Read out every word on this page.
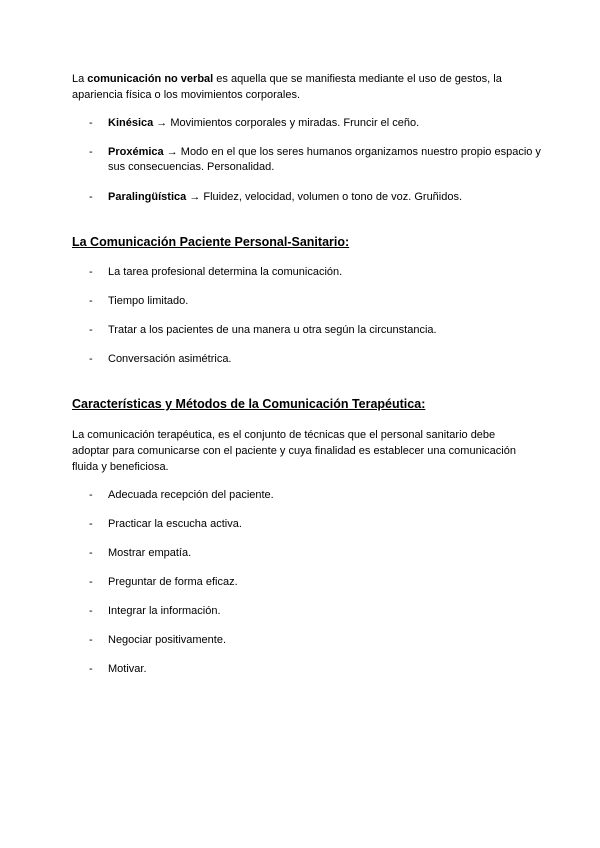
La comunicación no verbal es aquella que se manifiesta mediante el uso de gestos, la apariencia física o los movimientos corporales.

- Kinésica → Movimientos corporales y miradas. Fruncir el ceño.
- Proxémica → Modo en el que los seres humanos organizamos nuestro propio espacio y sus consecuencias. Personalidad.
- Paralingüística → Fluidez, velocidad, volumen o tono de voz. Gruñidos.
La Comunicación Paciente Personal-Sanitario:
- La tarea profesional determina la comunicación.
- Tiempo limitado.
- Tratar a los pacientes de una manera u otra según la circunstancia.
- Conversación asimétrica.
Características y Métodos de la Comunicación Terapéutica:

La comunicación terapéutica, es el conjunto de técnicas que el personal sanitario debe adoptar para comunicarse con el paciente y cuya finalidad es establecer una comunicación fluida y beneficiosa.

- Adecuada recepción del paciente.
- Practicar la escucha activa.
- Mostrar empatía.
- Preguntar de forma eficaz.
- Integrar la información.
- Negociar positivamente.
- Motivar.
